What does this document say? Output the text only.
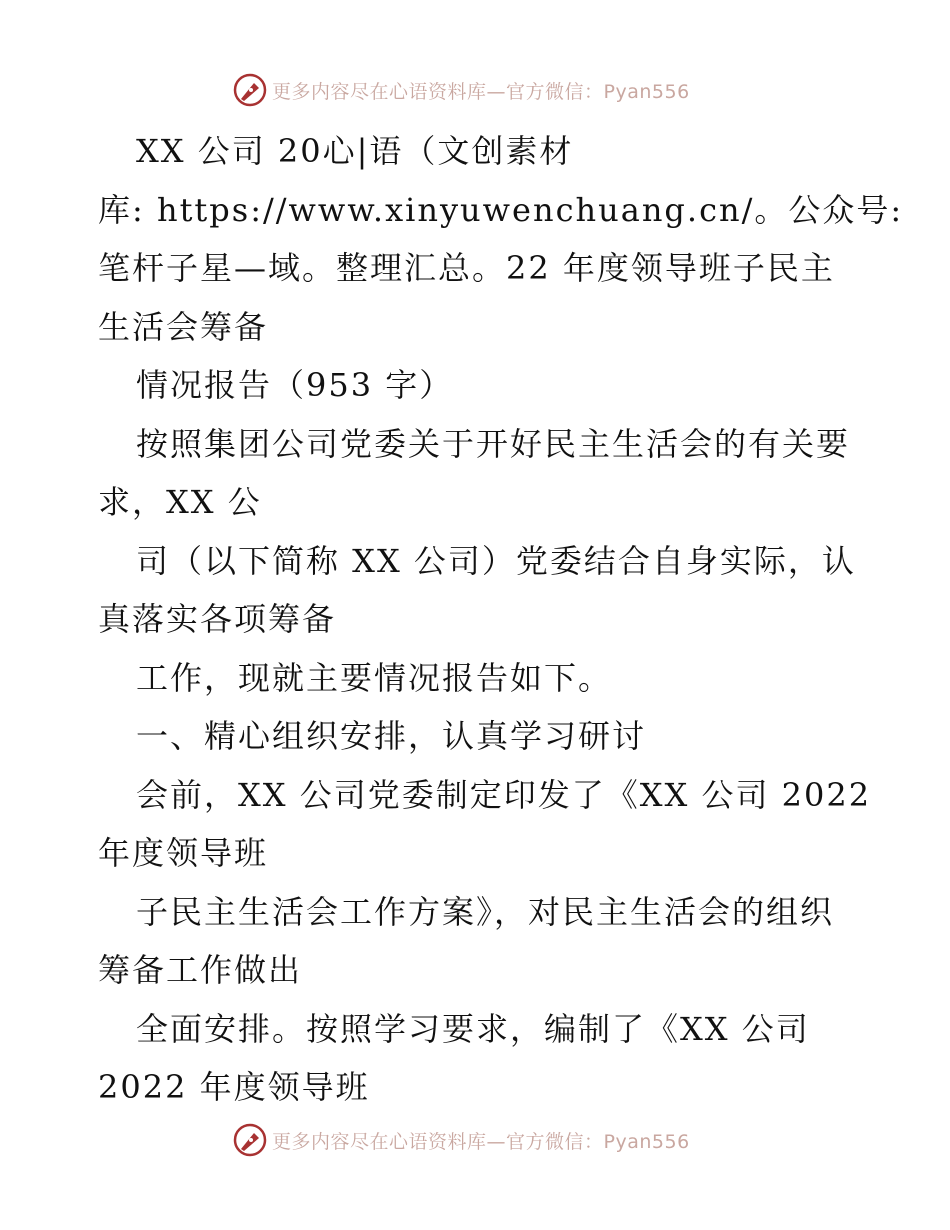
更多内容尽在心语资料库—官方微信：Pyan556

XX 公司 20心|语（文创素材

库: https://www.xinyuwenchuang.cn/。公众号:

笔杆子星—域。整理汇总。22 年度领导班子民主

生活会筹备

情况报告（953 字）

按照集团公司党委关于开好民主生活会的有关要

求，XX 公

司（以下简称 XX 公司）党委结合自身实际，认

真落实各项筹备

工作，现就主要情况报告如下。

一、精心组织安排，认真学习研讨

会前，XX 公司党委制定印发了《XX 公司 2022

年度领导班

子民主生活会工作方案》，对民主生活会的组织

筹备工作做出

全面安排。按照学习要求，编制了《XX 公司

2022 年度领导班

更多内容尽在心语资料库—官方微信：Pyan556
